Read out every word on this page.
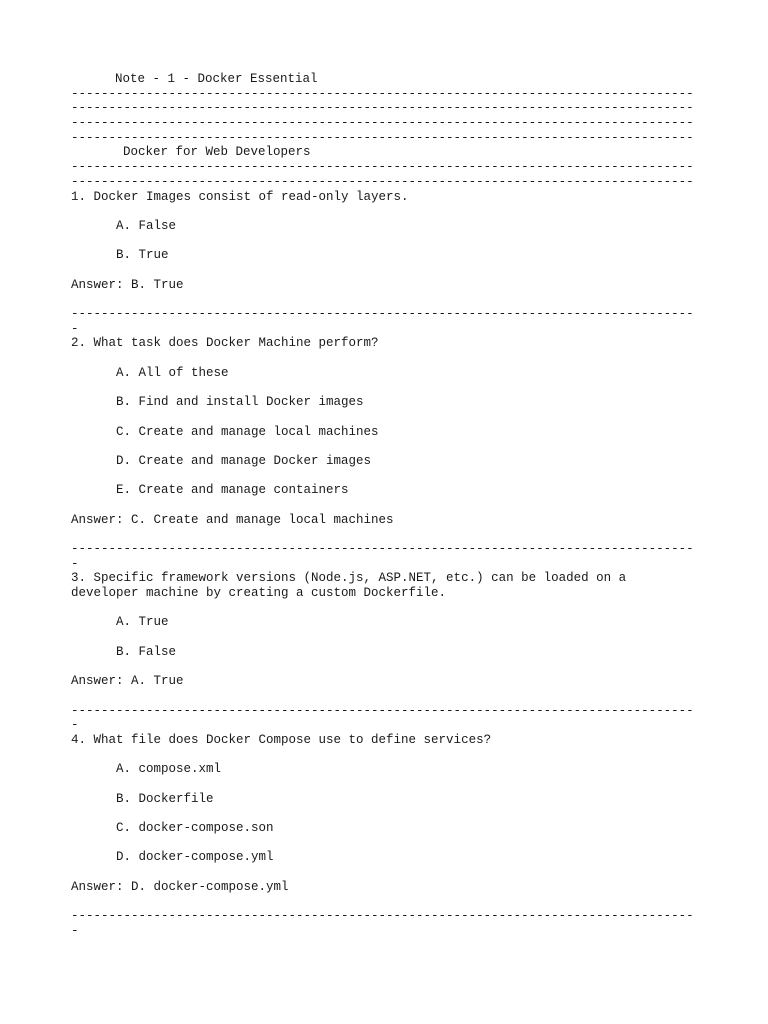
Note - 1 - Docker Essential
-----------------------------------------------------------------------------------
-----------------------------------------------------------------------------------
-----------------------------------------------------------------------------------
-----------------------------------------------------------------------------------
Docker for Web Developers
-----------------------------------------------------------------------------------
-----------------------------------------------------------------------------------
1. Docker Images consist of read-only layers.
A. False
B. True
Answer: B. True
-----------------------------------------------------------------------------------
-
2. What task does Docker Machine perform?
A. All of these
B. Find and install Docker images
C. Create and manage local machines
D. Create and manage Docker images
E. Create and manage containers
Answer: C. Create and manage local machines
-----------------------------------------------------------------------------------
-
3. Specific framework versions (Node.js, ASP.NET, etc.) can be loaded on a
developer machine by creating a custom Dockerfile.
A. True
B. False
Answer: A. True
-----------------------------------------------------------------------------------
-
4. What file does Docker Compose use to define services?
A. compose.xml
B. Dockerfile
C. docker-compose.son
D. docker-compose.yml
Answer: D. docker-compose.yml
-----------------------------------------------------------------------------------
-
